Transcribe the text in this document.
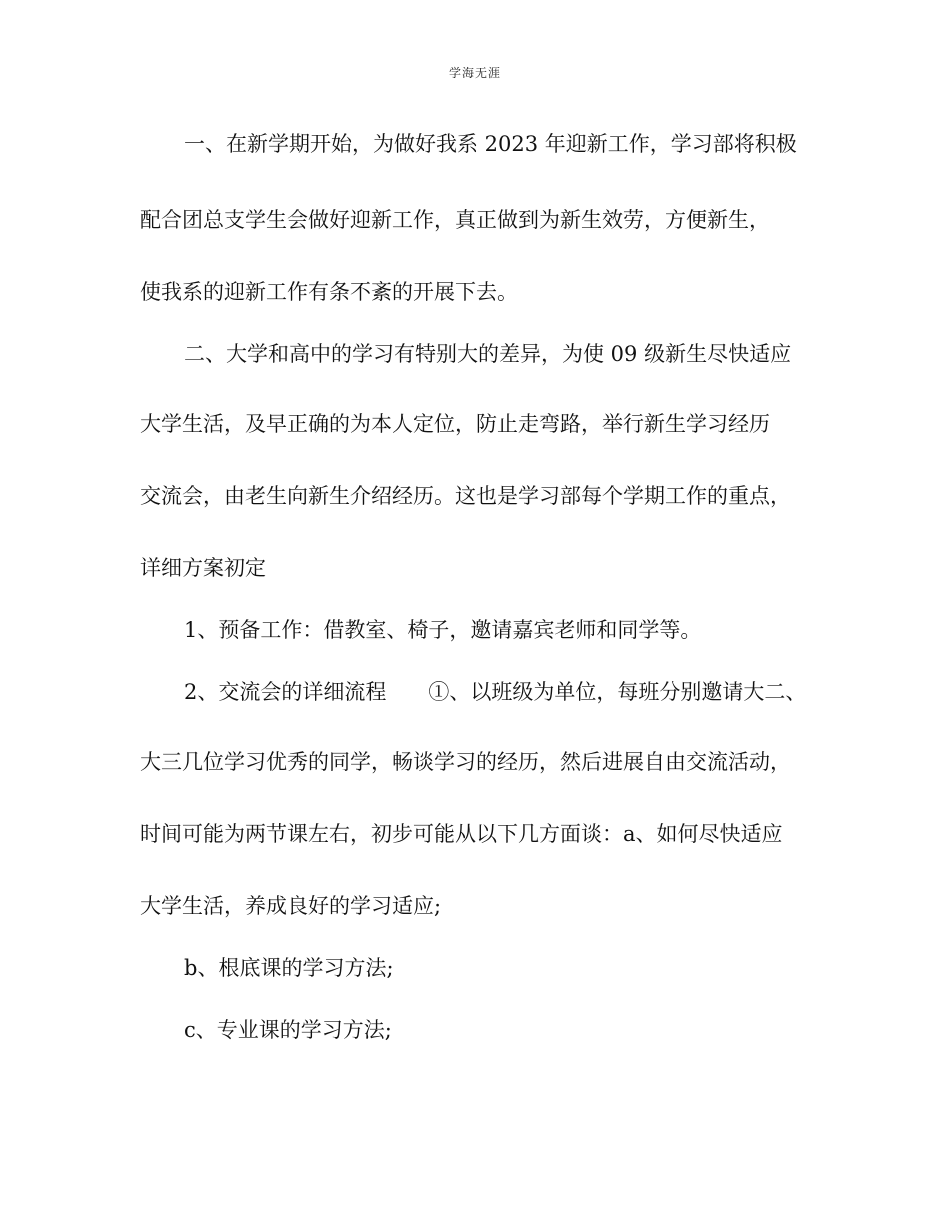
学海无涯
一、在新学期开始，为做好我系 2023 年迎新工作，学习部将积极
配合团总支学生会做好迎新工作，真正做到为新生效劳，方便新生，
使我系的迎新工作有条不紊的开展下去。
二、大学和高中的学习有特别大的差异，为使 09 级新生尽快适应
大学生活，及早正确的为本人定位，防止走弯路，举行新生学习经历
交流会，由老生向新生介绍经历。这也是学习部每个学期工作的重点，
详细方案初定
1、预备工作：借教室、椅子，邀请嘉宾老师和同学等。
2、交流会的详细流程　　①、以班级为单位，每班分别邀请大二、
大三几位学习优秀的同学，畅谈学习的经历，然后进展自由交流活动，
时间可能为两节课左右，初步可能从以下几方面谈：a、如何尽快适应
大学生活，养成良好的学习适应;
b、根底课的学习方法;
c、专业课的学习方法;
